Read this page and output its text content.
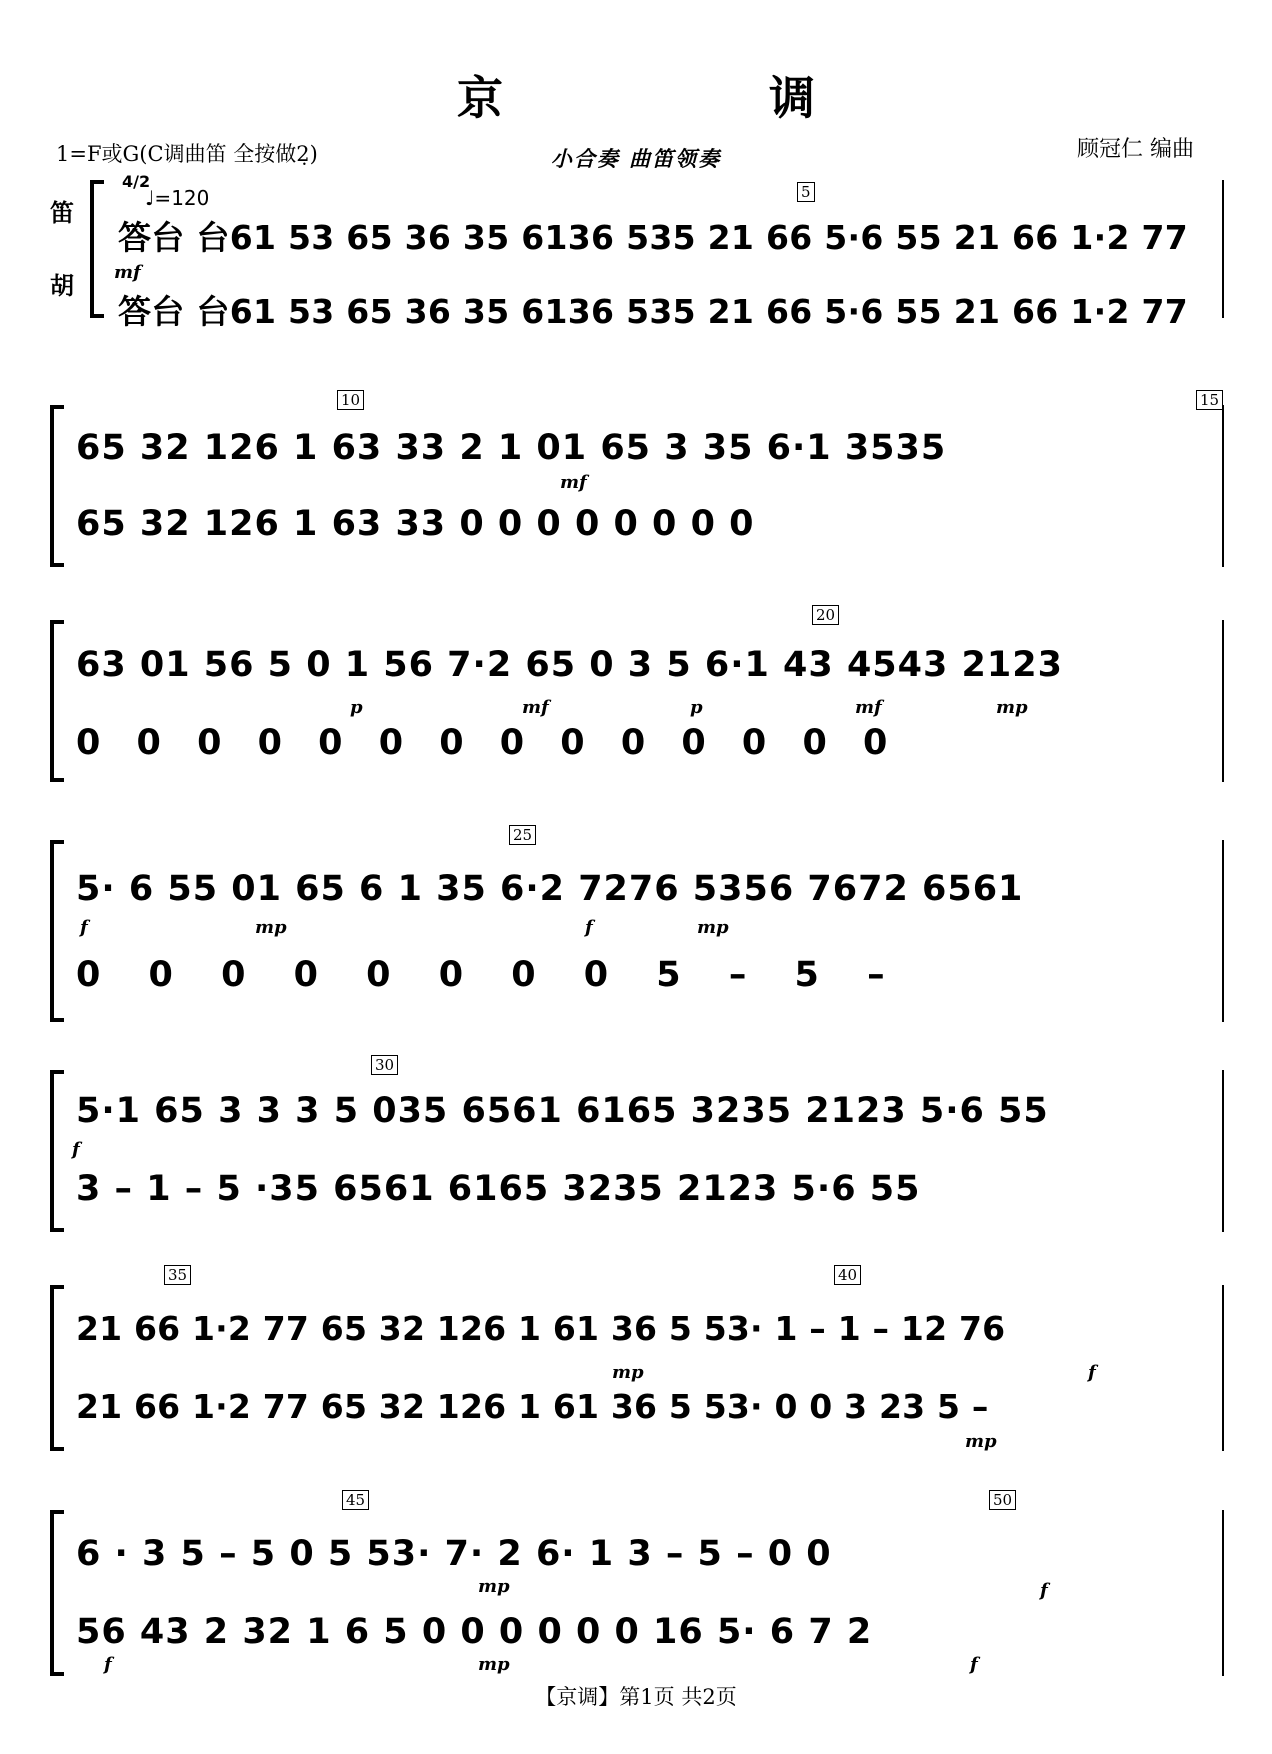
京　调
1=F或G(C调曲笛 全按做2̣)	小合奏 曲笛领奏	顾冠仁 编曲
4/2
♩=120
笛
胡
5
mf
答台 台61 53 65 36 35 6136 535 21 66 5·6 55 21 66 1·2 77
答台 台61 53 65 36 35 6136 535 21 66 5·6 55 21 66 1·2 77
10	15
mf
65 32 126 1 63 33 2 1 01 65 3 35 6·1 3535
65 32 126 1 63 33 0 0 0 0 0 0 0 0
20
p	mf	p	mf	mp
63 01 56 5 0 1 56 7·2 65 0 3 5 6·1 43 4543 2123
0 0 0 0 0 0 0 0 0 0 0 0 0 0
25
f	mp	f	mp
5· 6 55 01 65 6 1 35 6·2 7276 5356 7672 6561
0 0 0 0 0 0 0 0 5 – 5 –
30
f
5·1 65 3 3 3 5 035 6561 6165 3235 2123 5·6 55
3 – 1 – 5 ·35 6561 6165 3235 2123 5·6 55
35	40
mp	f
mp
21 66 1·2 77 65 32 126 1 61 36 5 53· 1 – 1 – 12 76
21 66 1·2 77 65 32 126 1 61 36 5 53· 0 0 3 23 5 –
45	50
mp	f
f	mp	f
6 · 3 5 – 5 0 5 53· 7· 2 6· 1 3 – 5 – 0 0
56 43 2 32 1 6 5 0 0 0 0 0 0 16 5· 6 7 2
【京调】第1页 共2页
